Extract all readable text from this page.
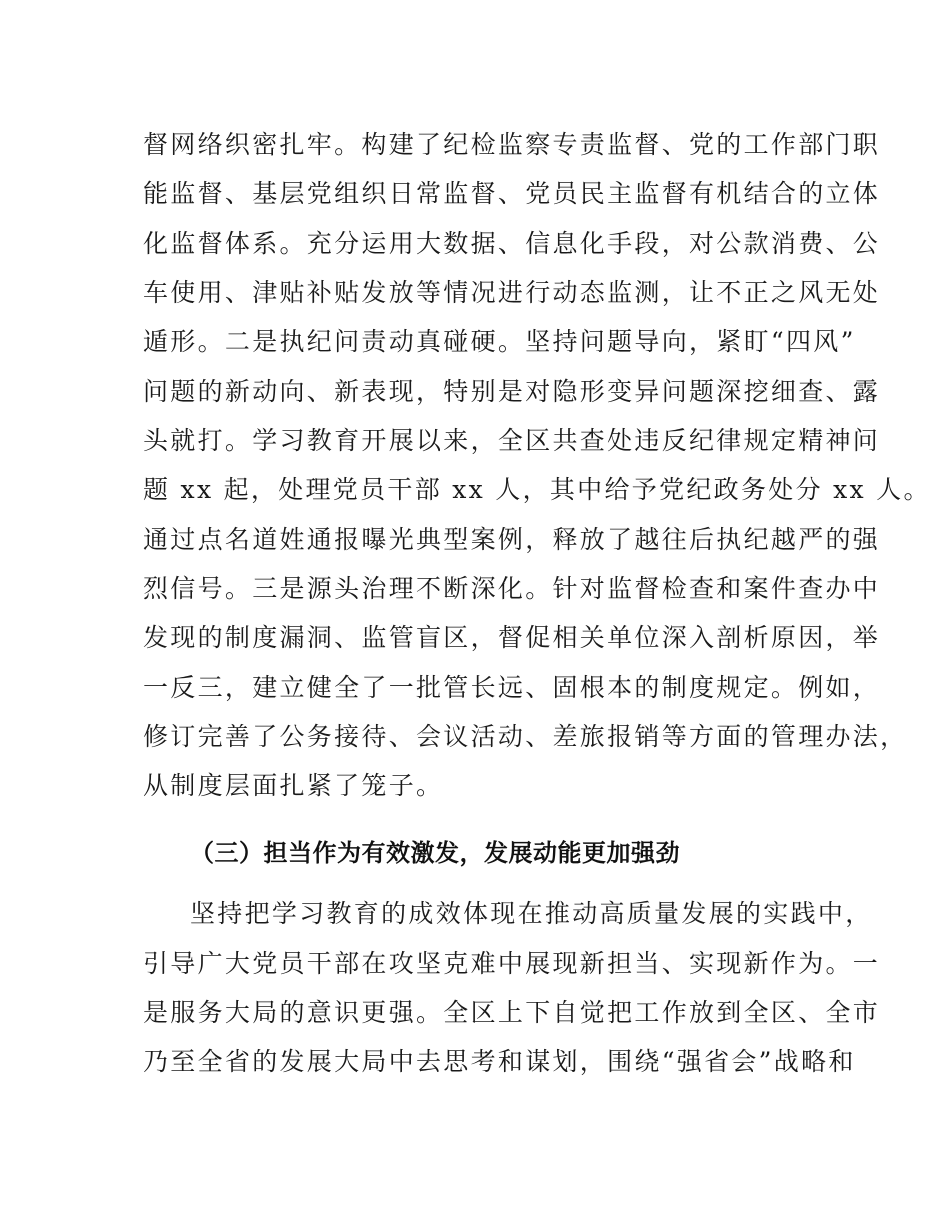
督网络织密扎牢。构建了纪检监察专责监督、党的工作部门职
能监督、基层党组织日常监督、党员民主监督有机结合的立体
化监督体系。充分运用大数据、信息化手段，对公款消费、公
车使用、津贴补贴发放等情况进行动态监测，让不正之风无处
遁形。二是执纪问责动真碰硬。坚持问题导向，紧盯“四风”
问题的新动向、新表现，特别是对隐形变异问题深挖细查、露
头就打。学习教育开展以来，全区共查处违反纪律规定精神问
题 xx 起，处理党员干部 xx 人，其中给予党纪政务处分 xx 人。
通过点名道姓通报曝光典型案例，释放了越往后执纪越严的强
烈信号。三是源头治理不断深化。针对监督检查和案件查办中
发现的制度漏洞、监管盲区，督促相关单位深入剖析原因，举
一反三，建立健全了一批管长远、固根本的制度规定。例如，
修订完善了公务接待、会议活动、差旅报销等方面的管理办法，
从制度层面扎紧了笼子。
（三）担当作为有效激发，发展动能更加强劲
坚持把学习教育的成效体现在推动高质量发展的实践中，
引导广大党员干部在攻坚克难中展现新担当、实现新作为。一
是服务大局的意识更强。全区上下自觉把工作放到全区、全市
乃至全省的发展大局中去思考和谋划，围绕“强省会”战略和
